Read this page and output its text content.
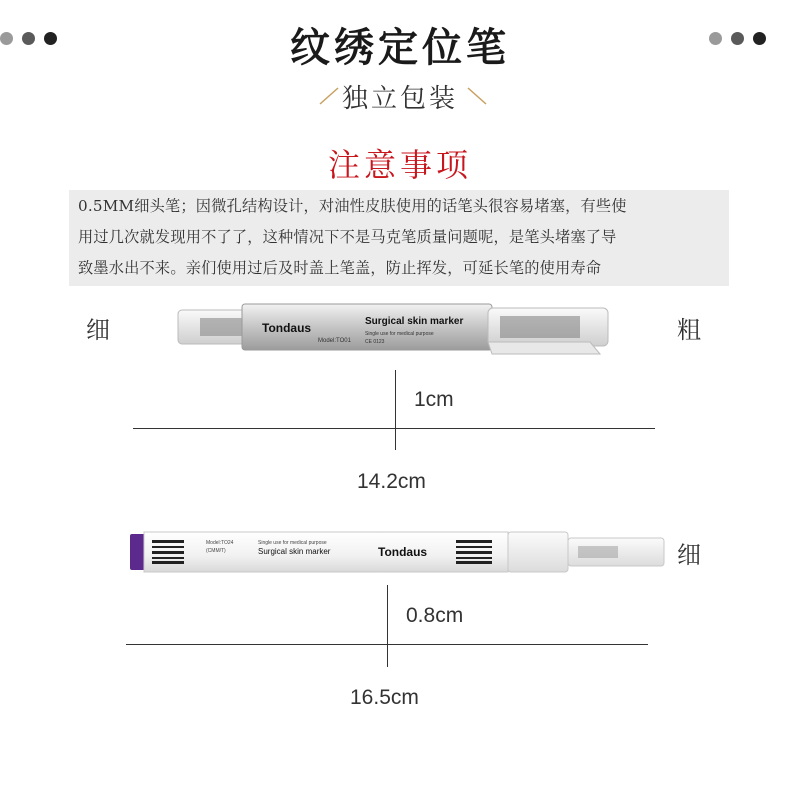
纹绣定位笔
独立包装
注意事项
0.5MM细头笔；因微孔结构设计，对油性皮肤使用的话笔头很容易堵塞，有些使
用过几次就发现用不了了，这种情况下不是马克笔质量问题呢，是笔头堵塞了导
致墨水出不来。亲们使用过后及时盖上笔盖，防止挥发，可延长笔的使用寿命
细	粗
Tondaus	Surgical skin marker
Single use for medical purpose
Model:TO01	CE 0123
1cm
14.2cm
细
Model:TO24
(CMM/T)	Surgical skin marker
Single use for medical purpose
Tondaus
0.8cm
16.5cm
